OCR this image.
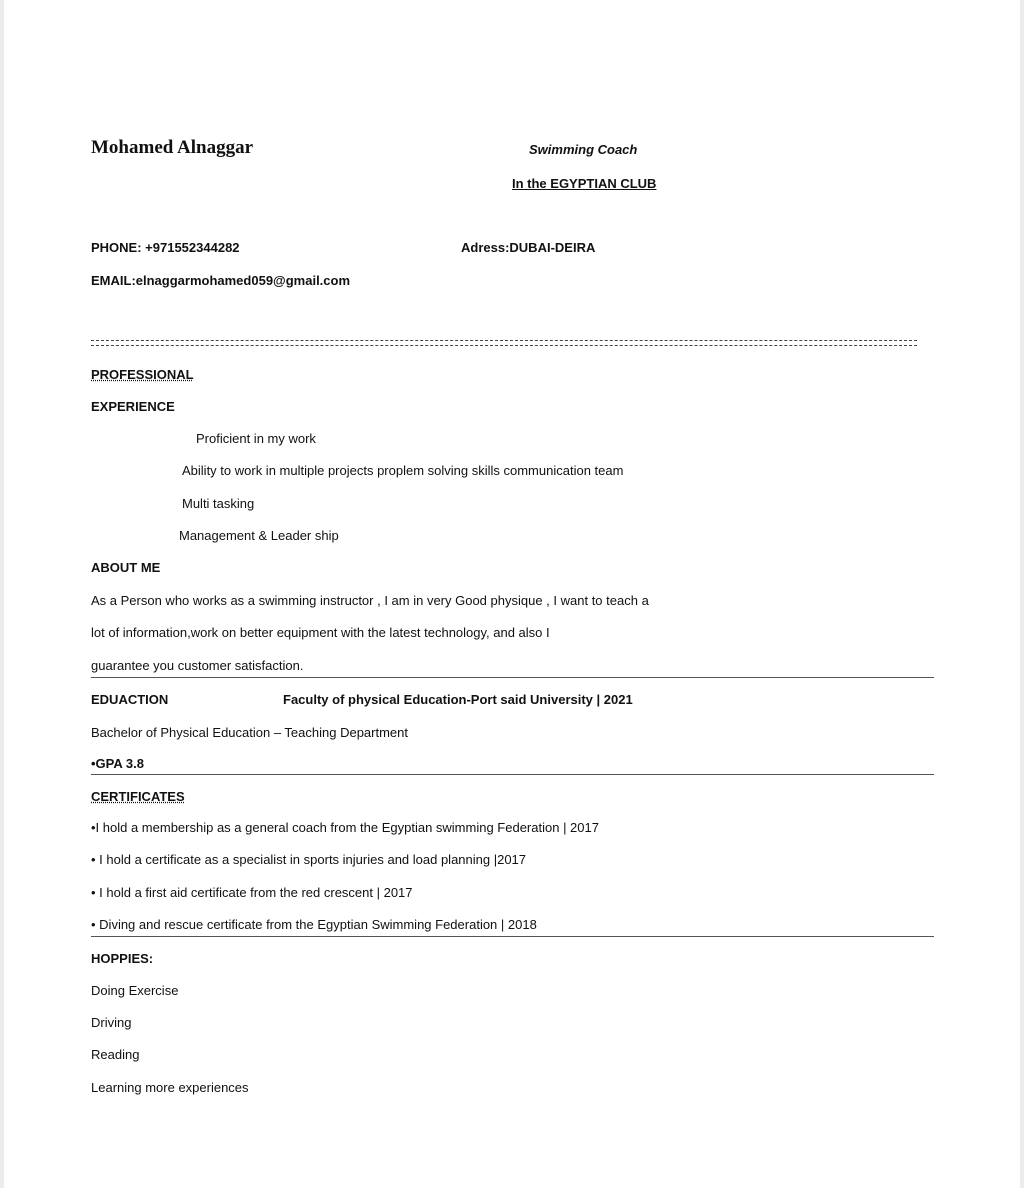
Mohamed Alnaggar	Swimming Coach
In the EGYPTIAN CLUB
PHONE: +971552344282	Adress:DUBAI-DEIRA
EMAIL:elnaggarmohamed059@gmail.com
PROFESSIONAL
EXPERIENCE
Proficient in my work
Ability to work in multiple projects proplem solving skills communication team
Multi tasking
Management & Leader ship
ABOUT ME
As a Person who works as a swimming instructor , I am in very Good physique , I want to teach a
lot of information,work on better equipment with the latest technology, and also I
guarantee you customer satisfaction.
EDUACTION	Faculty of physical Education-Port said University | 2021
Bachelor of Physical Education – Teaching Department
•GPA 3.8
CERTIFICATES
•I hold a membership as a general coach from the Egyptian swimming Federation | 2017
• I hold a certificate as a specialist in sports injuries and load planning |2017
• I hold a first aid certificate from the red crescent | 2017
• Diving and rescue certificate from the Egyptian Swimming Federation | 2018
HOPPIES:
Doing Exercise
Driving
Reading
Learning more experiences
